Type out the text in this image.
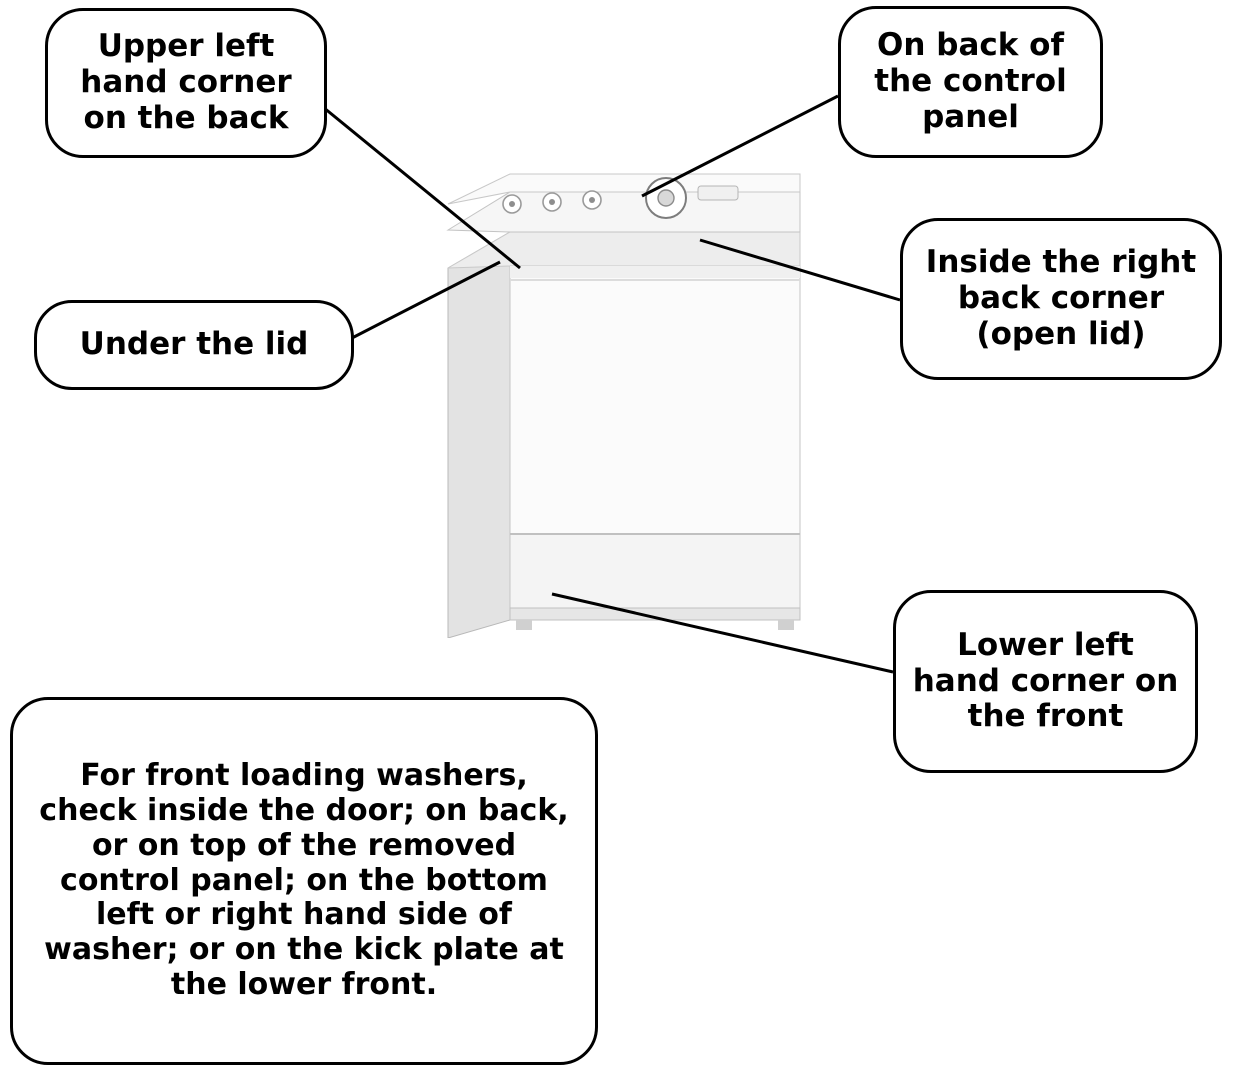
Upper left hand corner on the back
On back of the control panel
Under the lid
Inside the right back corner (open lid)
Lower left hand corner on the front
For front loading washers, check inside the door; on back, or on top of the removed control panel; on the bottom left or right hand side of washer; or on the kick plate at the lower front.
